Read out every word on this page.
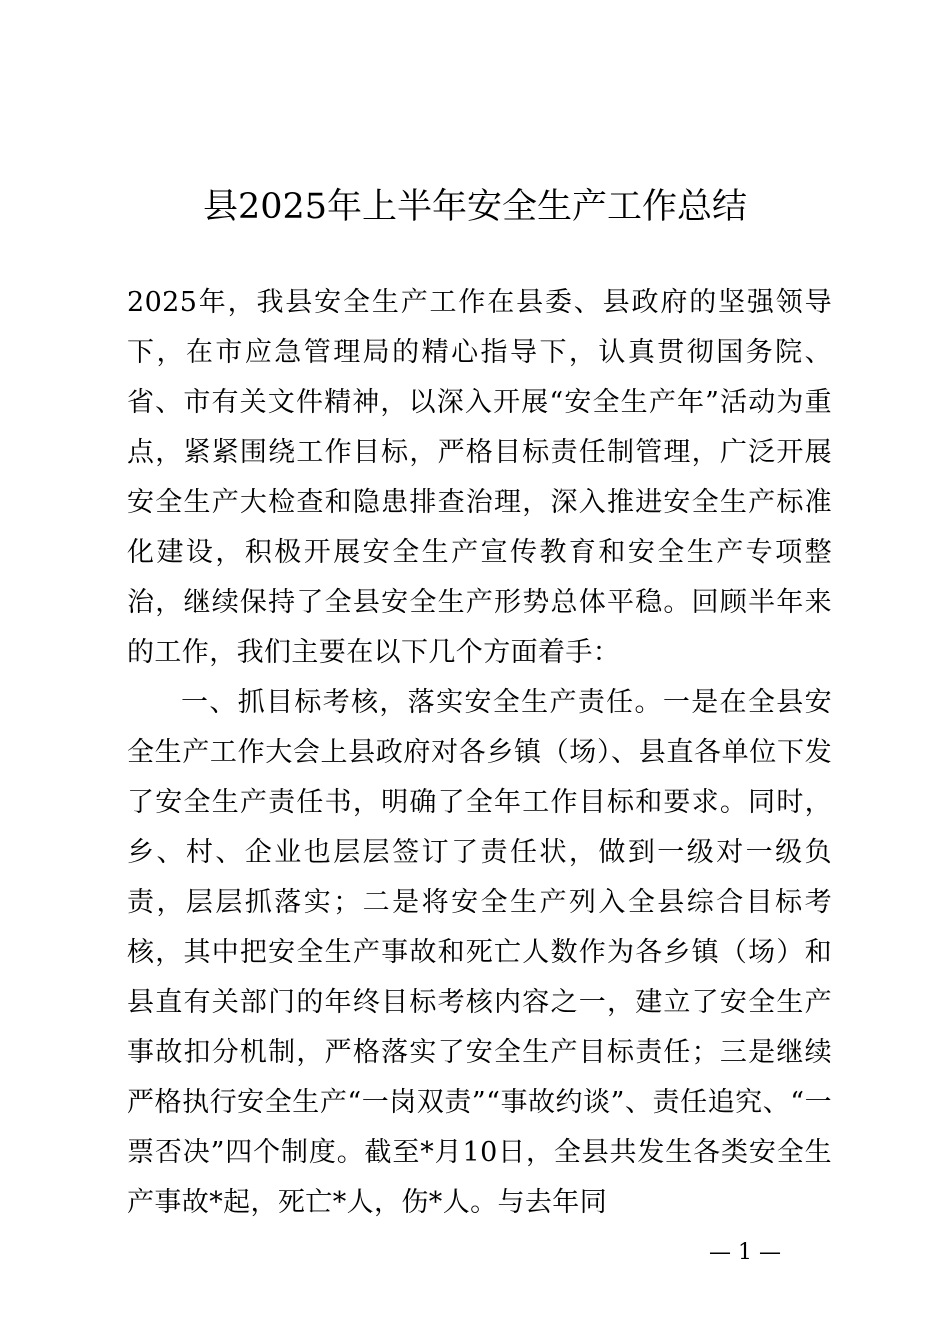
县2025年上半年安全生产工作总结

2025年，我县安全生产工作在县委、县政府的坚强领导下，在市应急管理局的精心指导下，认真贯彻国务院、省、市有关文件精神，以深入开展“安全生产年”活动为重点，紧紧围绕工作目标，严格目标责任制管理，广泛开展安全生产大检查和隐患排查治理，深入推进安全生产标准化建设，积极开展安全生产宣传教育和安全生产专项整治，继续保持了全县安全生产形势总体平稳。回顾半年来的工作，我们主要在以下几个方面着手：

一、抓目标考核，落实安全生产责任。一是在全县安全生产工作大会上县政府对各乡镇（场）、县直各单位下发了安全生产责任书，明确了全年工作目标和要求。同时，乡、村、企业也层层签订了责任状，做到一级对一级负责，层层抓落实；二是将安全生产列入全县综合目标考核，其中把安全生产事故和死亡人数作为各乡镇（场）和县直有关部门的年终目标考核内容之一，建立了安全生产事故扣分机制，严格落实了安全生产目标责任；三是继续严格执行安全生产“一岗双责”“事故约谈”、责任追究、“一票否决”四个制度。截至*月10日，全县共发生各类安全生产事故*起，死亡*人，伤*人。与去年同

— 1 —
